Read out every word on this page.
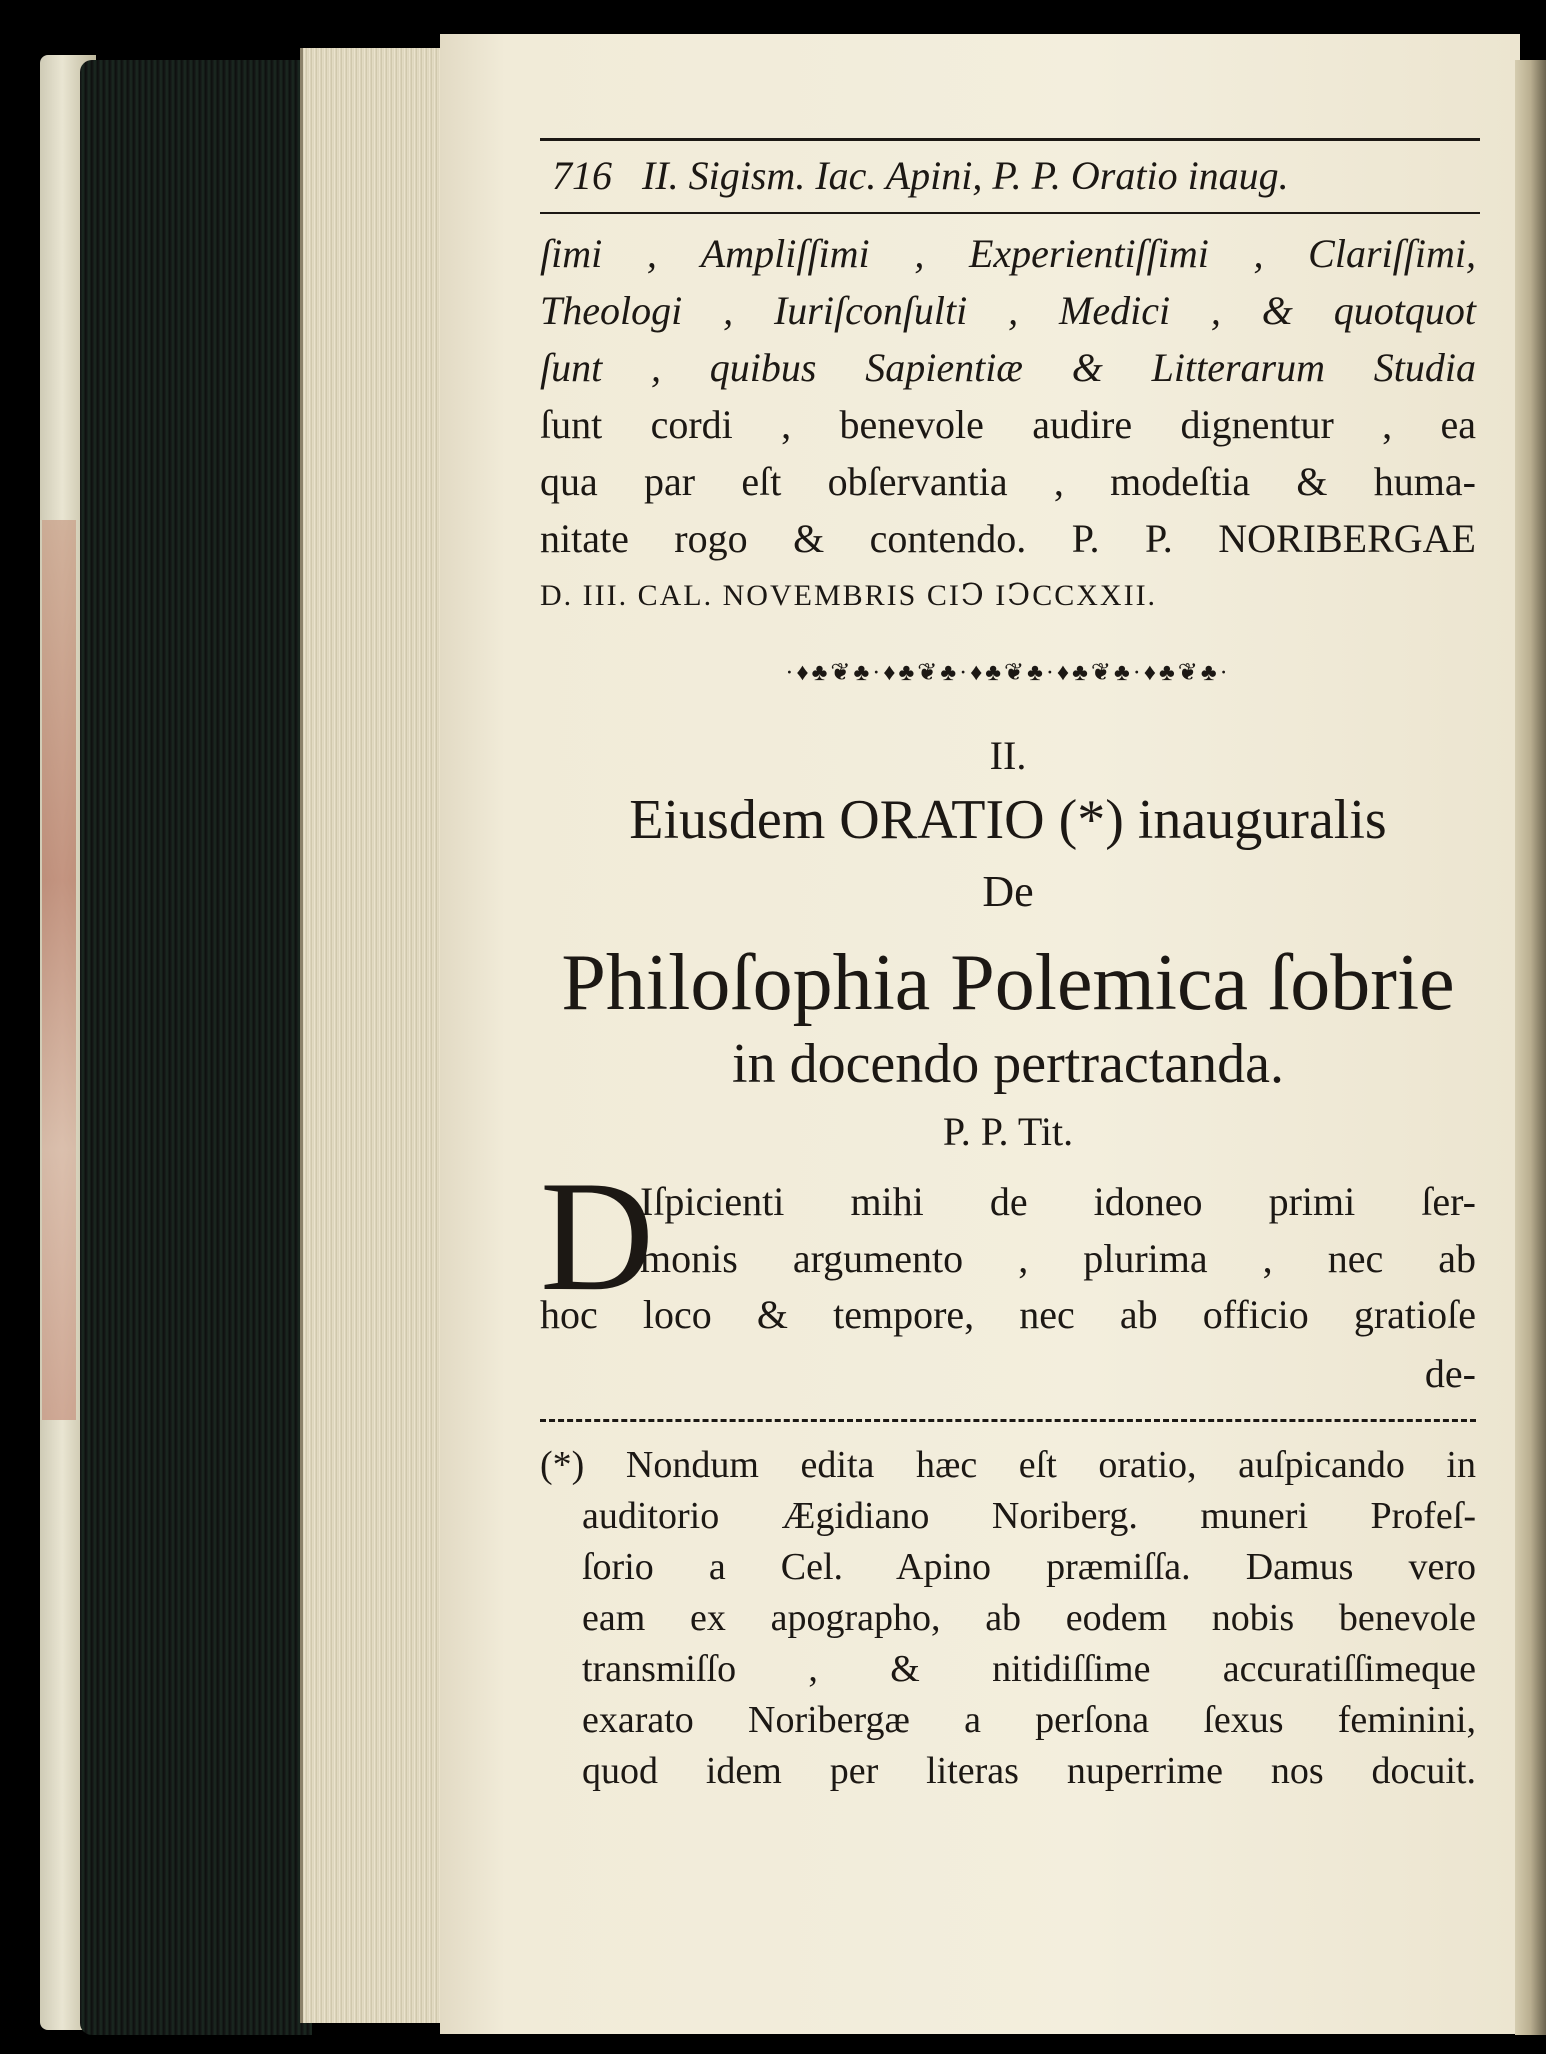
716 II. Sigism. Iac. Apini, P. P. Oratio inaug.
ſimi , Ampliſſimi , Experientiſſimi , Clariſſimi,
Theologi , Iuriſconſulti , Medici , & quotquot
ſunt , quibus Sapientiæ & Litterarum Studia
ſunt cordi , benevole audire dignentur , ea
qua par eſt obſervantia , modeſtia & huma-
nitate rogo & contendo. P. P. NORIBERGAE
D. III. CAL. NOVEMBRIS CIↃ IↃCCXXII.
·♦♣❦♣·♦♣❦♣·♦♣❦♣·♦♣❦♣·♦♣❦♣·
II.
Eiusdem ORATIO (*) inauguralis
De
Philoſophia Polemica ſobrie
in docendo pertractanda.
P. P. Tit.
D
Iſpicienti mihi de idoneo primi ſer-
monis argumento , plurima , nec ab
hoc loco & tempore, nec ab officio gratioſe
de-
(*) Nondum edita hæc eſt oratio, auſpicando in
auditorio Ægidiano Noriberg. muneri Profeſ-
ſorio a Cel. Apino præmiſſa. Damus vero
eam ex apographo, ab eodem nobis benevole
transmiſſo , & nitidiſſime accuratiſſimeque
exarato Noribergæ a perſona ſexus feminini,
quod idem per literas nuperrime nos docuit.
